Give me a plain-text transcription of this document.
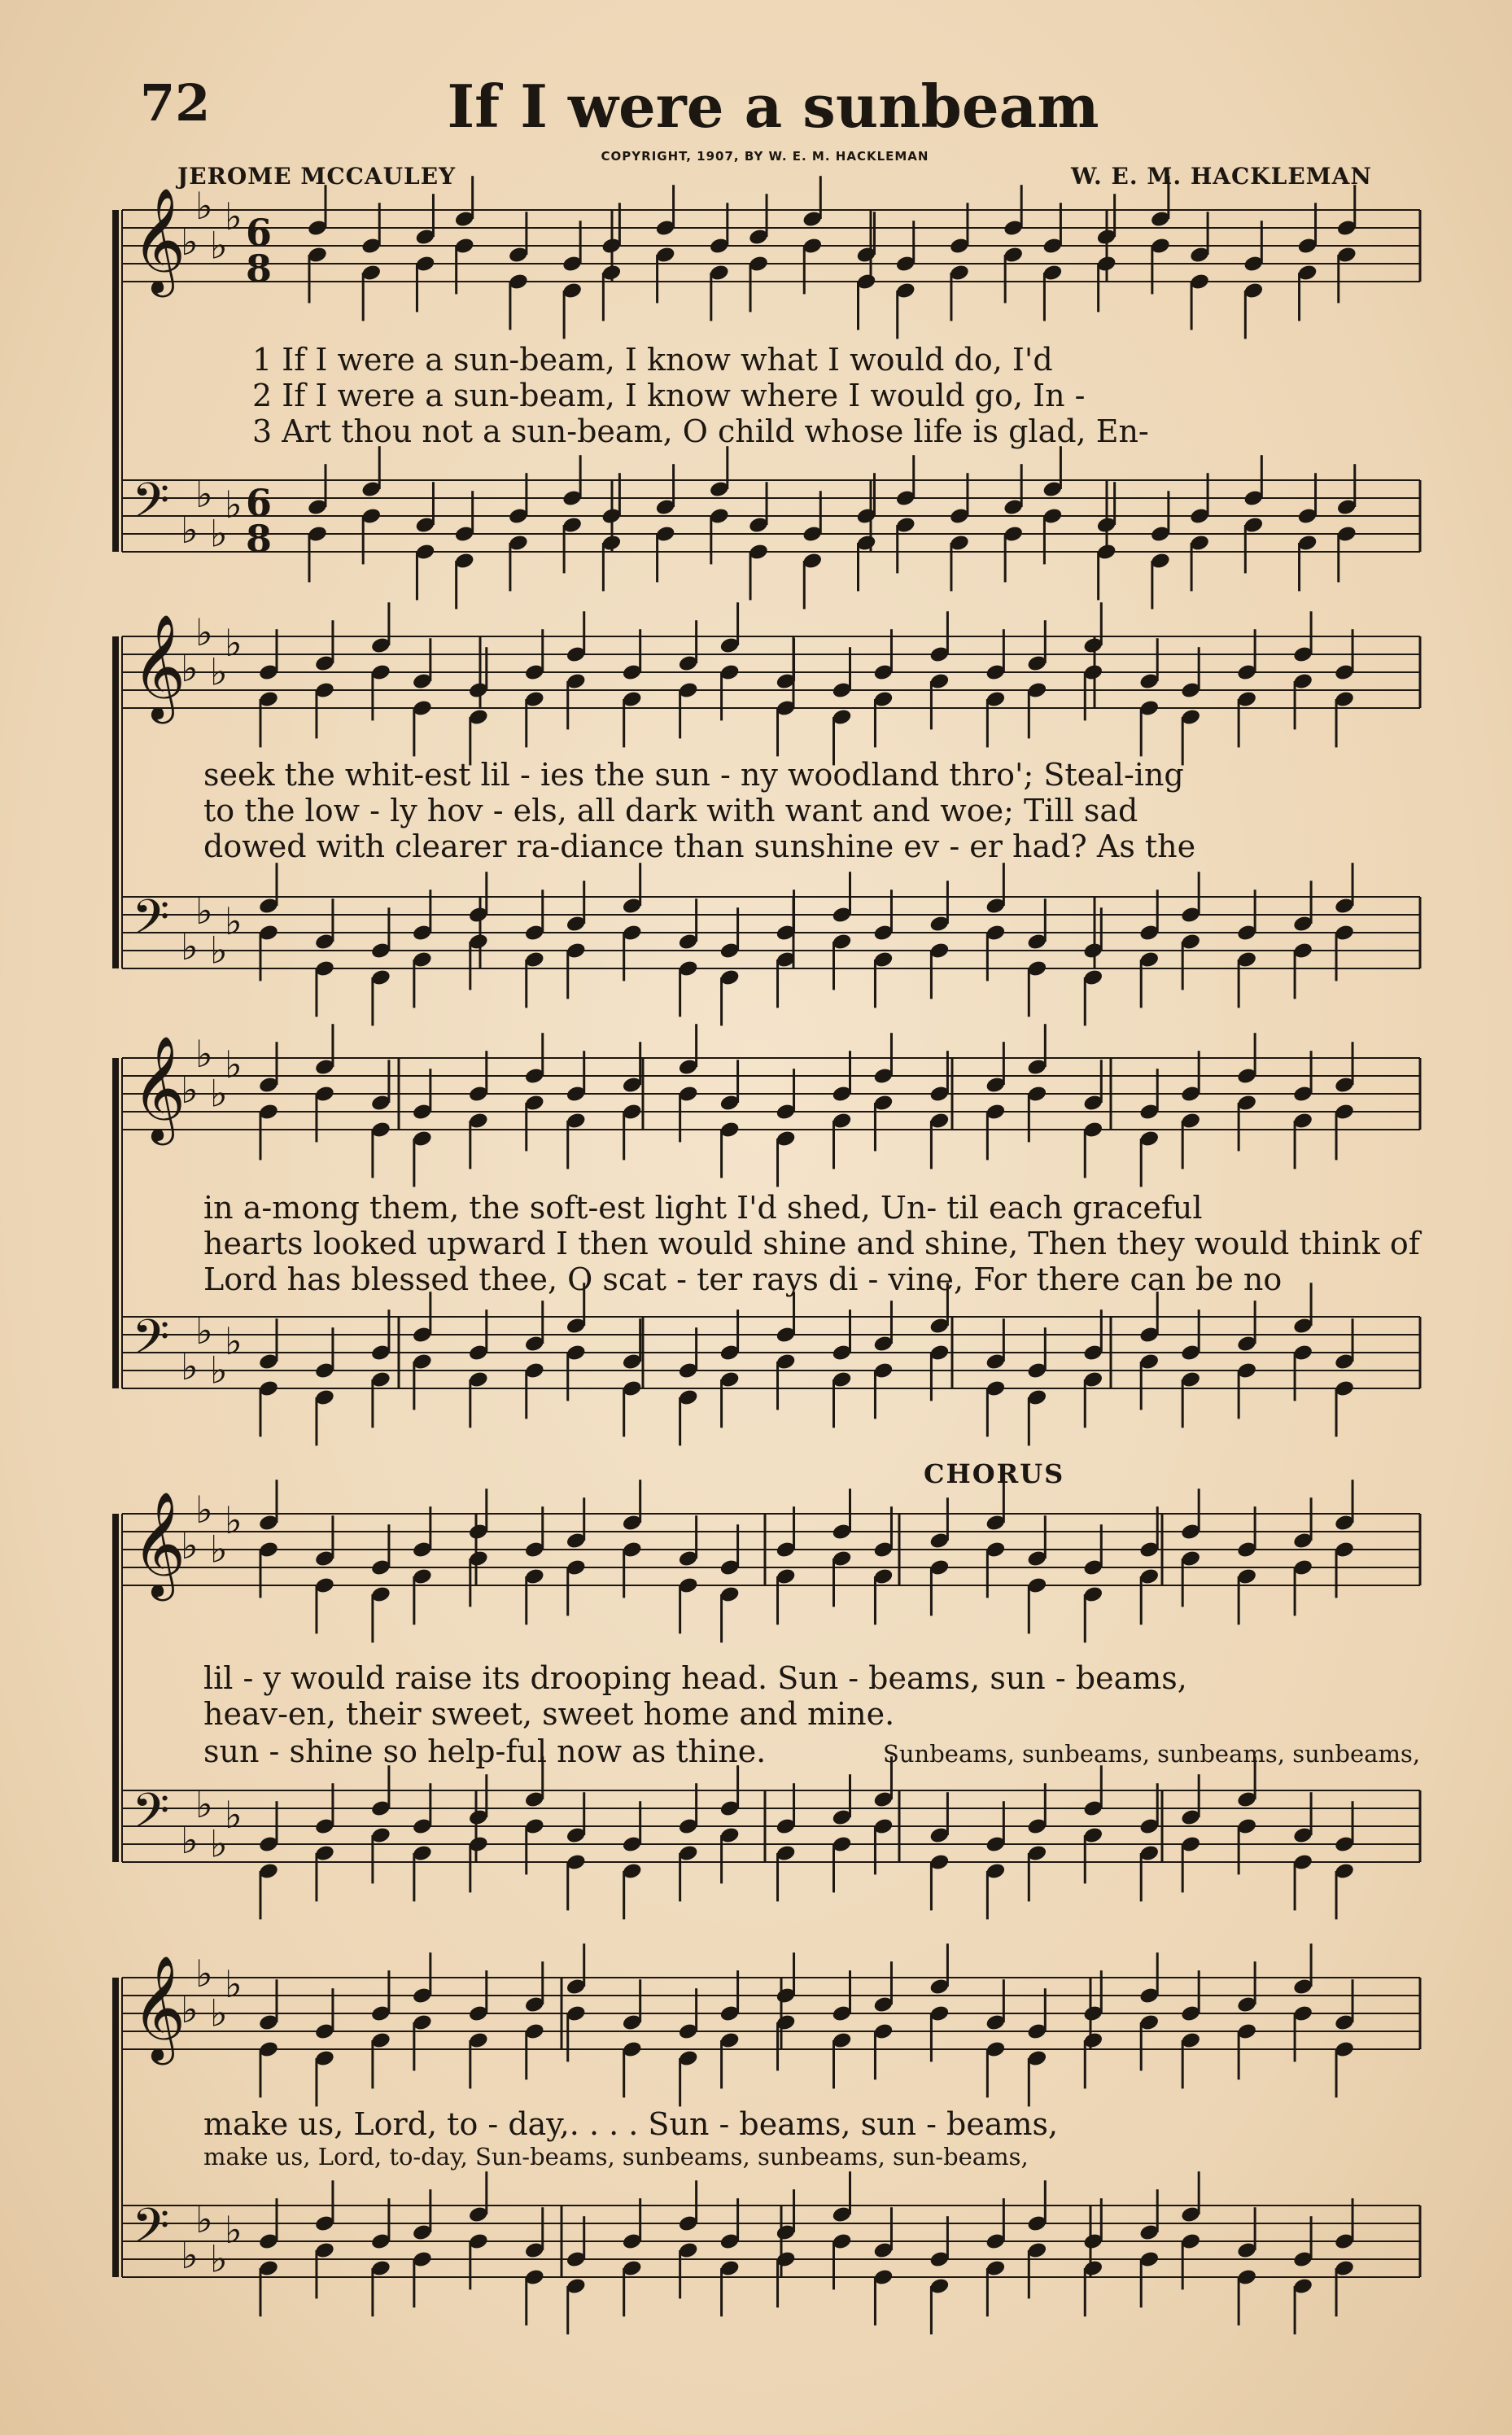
72	If I were a sunbeam
COPYRIGHT, 1907, BY W. E. M. HACKLEMAN
JEROME MCCAULEY	W. E. M. HACKLEMAN
𝄞
♭
♭
♭
♭ 6
8
𝄢 ♭
♭
♭
♭ 6
8
𝄞
♭
♭
♭
♭
𝄢 ♭
♭
♭
♭
𝄞
♭
♭
♭
♭
𝄢 ♭
♭
♭
♭
𝄞
♭
♭
♭
♭
𝄢 ♭
♭
♭
♭
𝄞
♭
♭
♭
♭
𝄢 ♭
♭
♭
♭
1 If I were a sun-beam, I know what I would do, I'd
2 If I were a sun-beam, I know where I would go, In -
3 Art thou not a sun-beam, O child whose life is glad, En-
seek the whit-est lil - ies the sun - ny woodland thro'; Steal-ing
to the low - ly hov - els, all dark with want and woe; Till sad
dowed with clearer ra-diance than sunshine ev - er had? As the
in a-mong them, the soft-est light I'd shed, Un- til each graceful
hearts looked upward I then would shine and shine, Then they would think of
Lord has blessed thee, O scat - ter rays di - vine, For there can be no
CHORUS
lil - y would raise its drooping head. Sun - beams, sun - beams,
heav-en, their sweet, sweet home and mine.
sun - shine so help-ful now as thine.	Sunbeams, sunbeams, sunbeams, sunbeams,
make us, Lord, to - day,. . . . Sun - beams, sun - beams,
make us, Lord, to-day, Sun-beams, sunbeams, sunbeams, sun-beams,
